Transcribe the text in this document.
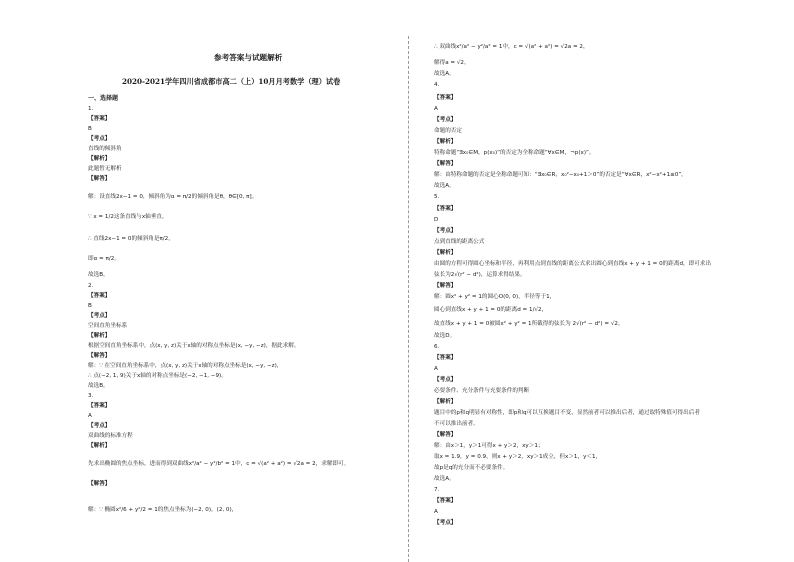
参考答案与试题解析
2020-2021学年四川省成都市高二（上）10月月考数学（理）试卷
一、选择题
1.
【答案】
B
【考点】
直线的倾斜角
【解析】
此题暂无解析
【解答】
解：设直线2x−1 = 0，倾斜角为α = π/2的倾斜角是θ，θ∈[0, π]。
∵ x = 1/2这条直线与x轴垂直，
∴ 直线2x−1 = 0的倾斜角是π/2，
即α = π/2。
故选B。
2.
【答案】
B
【考点】
空间直角坐标系
【解析】
根据空间直角坐标系中，点(x, y, z)关于x轴的对称点坐标是(x, −y, −z)，据此求解。
【解答】
解：∵ 在空间直角坐标系中，点(x, y, z)关于x轴的对称点坐标是(x, −y, −z)，
∴ 点(−2, 1, 9)关于x轴的对称点坐标是(−2, −1, −9)。
故选B。
3.
【答案】
A
【考点】
双曲线的标准方程
【解析】
先求出椭圆的焦点坐标，进而得到双曲线x²/a² − y²/b² = 1中，c = √(a² + a²) = √2a = 2，求解即可。
【解答】
解：∵ 椭圆x²/6 + y²/2 = 1的焦点坐标为(−2, 0)，(2, 0)，
∴ 双曲线x²/a² − y²/a² = 1中，c = √(a² + a²) = √2a = 2，
解得a = √2。
故选A。
4.
【答案】
A
【考点】
命题的否定
【解析】
特称命题“∃x₀∈M，p(x₀)”的否定为全称命题“∀x∈M，¬p(x)”。
【解答】
解：由特称命题的否定是全称命题可知：“∃x₀∈R，x₀²−x₀+1＞0”的否定是“∀x∈R，x²−x²+1≤0”。
故选A。
5.
【答案】
D
【考点】
点到直线的距离公式
【解析】
由圆的方程可得圆心坐标和半径，再利用点到直线的距离公式求出圆心到直线x + y + 1 = 0的距离d，即可求出
弦长为2√(r² − d²)，运算求得结果。
【解答】
解：圆x² + y² = 1的圆心O(0, 0)，半径等于1，
圆心到直线x + y + 1 = 0的距离d = 1/√2，
故直线x + y + 1 = 0被圆x² + y² = 1所截得的弦长为 2√(r² − d²) = √2。
故选D。
6.
【答案】
A
【考点】
必要条件、充分条件与充要条件的判断
【解析】
题目中的p和q明显有对称性，即p和q可以互换题目不变，显然前者可以推出后者，通过取特殊值可得出后者
不可以推出前者。
【解答】
解：由x＞1，y＞1可得x + y＞2，xy＞1；
取x = 1.9，y = 0.9，则x + y＞2，xy＞1成立，但x＞1，y＜1，
故p是q的充分而不必要条件。
故选A。
7.
【答案】
A
【考点】
